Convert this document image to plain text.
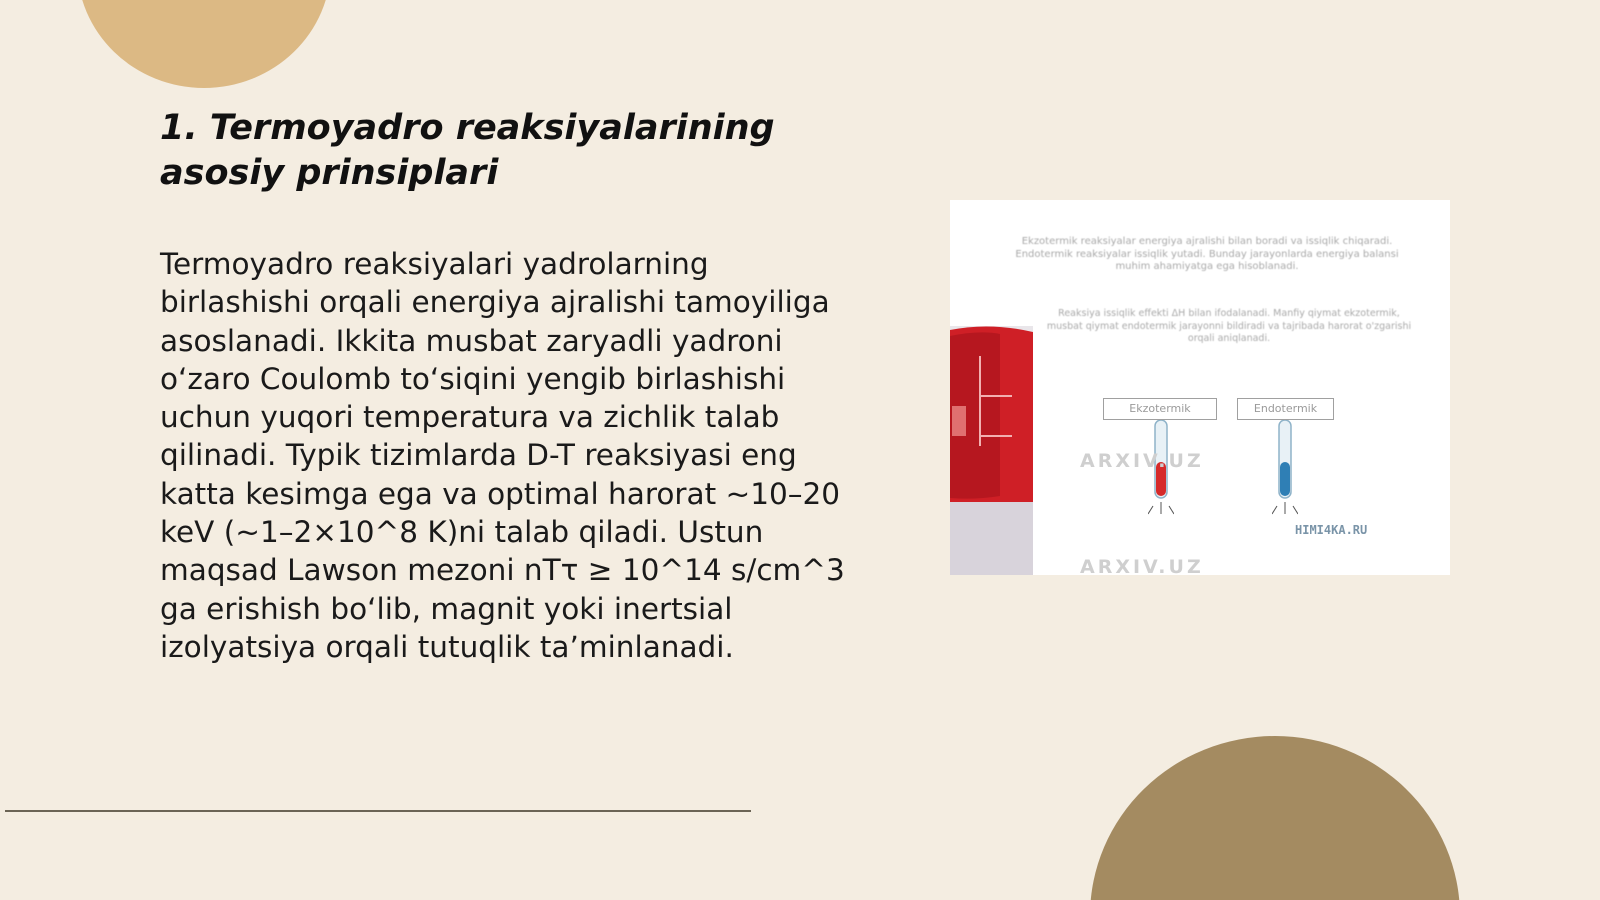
1. Termoyadro reaksiyalarining asosiy prinsiplari

Termoyadro reaksiyalari yadrolarning birlashishi orqali energiya ajralishi tamoyiliga asoslanadi. Ikkita musbat zaryadli yadroni o‘zaro Coulomb to‘siqini yengib birlashishi uchun yuqori temperatura va zichlik talab qilinadi. Typik tizimlarda D-T reaksiyasi eng katta kesimga ega va optimal harorat ~10–20 keV (~1–2×10^8 K)ni talab qiladi. Ustun maqsad Lawson mezoni nTτ ≥ 10^14 s/cm^3 ga erishish bo‘lib, magnit yoki inertsial izolyatsiya orqali tutuqlik ta’minlanadi.

Ekzotermik reaksiyalar energiya ajralishi bilan boradi va issiqlik chiqaradi. Endotermik reaksiyalar issiqlik yutadi. Bunday jarayonlarda energiya balansi muhim ahamiyatga ega hisoblanadi.
Reaksiya issiqlik effekti ΔH bilan ifodalanadi. Manfiy qiymat ekzotermik, musbat qiymat endotermik jarayonni bildiradi va tajribada harorat o'zgarishi orqali aniqlanadi.
Ekzotermik	Endotermik
ARXIV.UZ
ARXIV.UZ
HIMI4KA.RU
